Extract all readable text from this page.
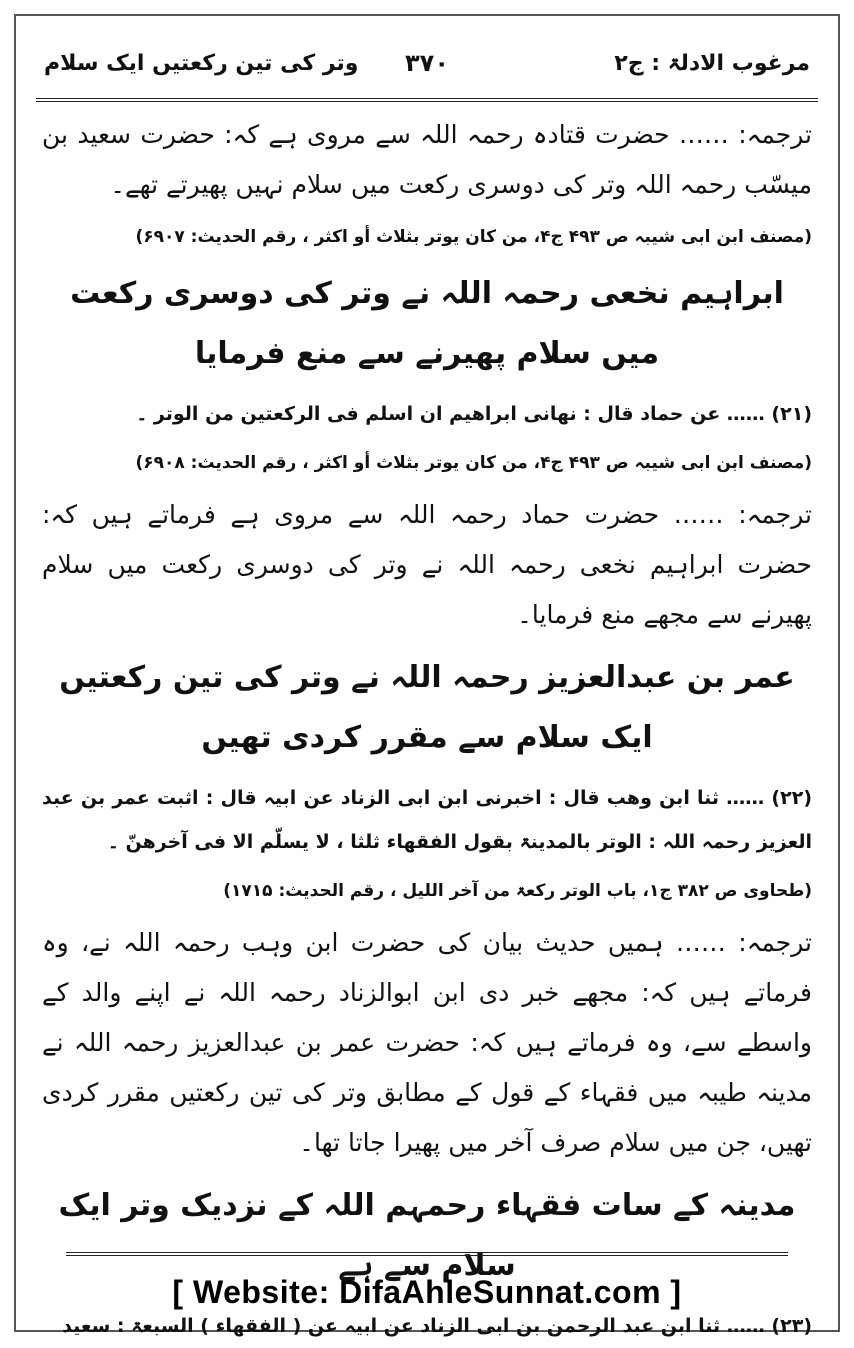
مرغوب الادلۃ : ج۲
۳۷۰
وتر کی تین رکعتیں ایک سلام
ترجمہ: …… حضرت قتادہ رحمہ اللہ سے مروی ہے کہ: حضرت سعید بن میسّب رحمہ اللہ وتر کی دوسری رکعت میں سلام نہیں پھیرتے تھے۔
(مصنف ابن ابی شیبہ ص ۴۹۳ ج۴، من کان یوتر بثلاث أو اکثر ، رقم الحدیث: ۶۹۰۷)
ابراہیم نخعی رحمہ اللہ نے وتر کی دوسری رکعت میں سلام پھیرنے سے منع فرمایا
(۲۱) …… عن حماد قال : نھانی ابراھیم ان اسلم فی الرکعتین من الوتر ۔
(مصنف ابن ابی شیبہ ص ۴۹۳ ج۴، من کان یوتر بثلاث أو اکثر ، رقم الحدیث: ۶۹۰۸)
ترجمہ: …… حضرت حماد رحمہ اللہ سے مروی ہے فرماتے ہیں کہ: حضرت ابراہیم نخعی رحمہ اللہ نے وتر کی دوسری رکعت میں سلام پھیرنے سے مجھے منع فرمایا۔
عمر بن عبدالعزیز رحمہ اللہ نے وتر کی تین رکعتیں ایک سلام سے مقرر کردی تھیں
(۲۲) …… ثنا ابن وھب قال : اخبرنی ابن ابی الزناد عن ابیہ قال : اثبت عمر بن عبد العزیز رحمہ اللہ : الوتر بالمدینۃ بقول الفقھاء ثلثا ، لا یسلّم الا فی آخرھنّ ۔
(طحاوی ص ۳۸۲ ج۱، باب الوتر رکعۃ من آخر اللیل ، رقم الحدیث: ۱۷۱۵)
ترجمہ: …… ہمیں حدیث بیان کی حضرت ابن وہب رحمہ اللہ نے، وہ فرماتے ہیں کہ: مجھے خبر دی ابن ابوالزناد رحمہ اللہ نے اپنے والد کے واسطے سے، وہ فرماتے ہیں کہ: حضرت عمر بن عبدالعزیز رحمہ اللہ نے مدینہ طیبہ میں فقہاء کے قول کے مطابق وتر کی تین رکعتیں مقرر کردی تھیں، جن میں سلام صرف آخر میں پھیرا جاتا تھا۔
مدینہ کے سات فقہاء رحمہم اللہ کے نزدیک وتر ایک سلام سے ہے
(۲۳) …… ثنا ابن عبد الرحمن بن ابی الزناد عن ابیہ عن ( الفقھاء ) السبعۃ : سعید
[ Website: DifaAhleSunnat.com ]
